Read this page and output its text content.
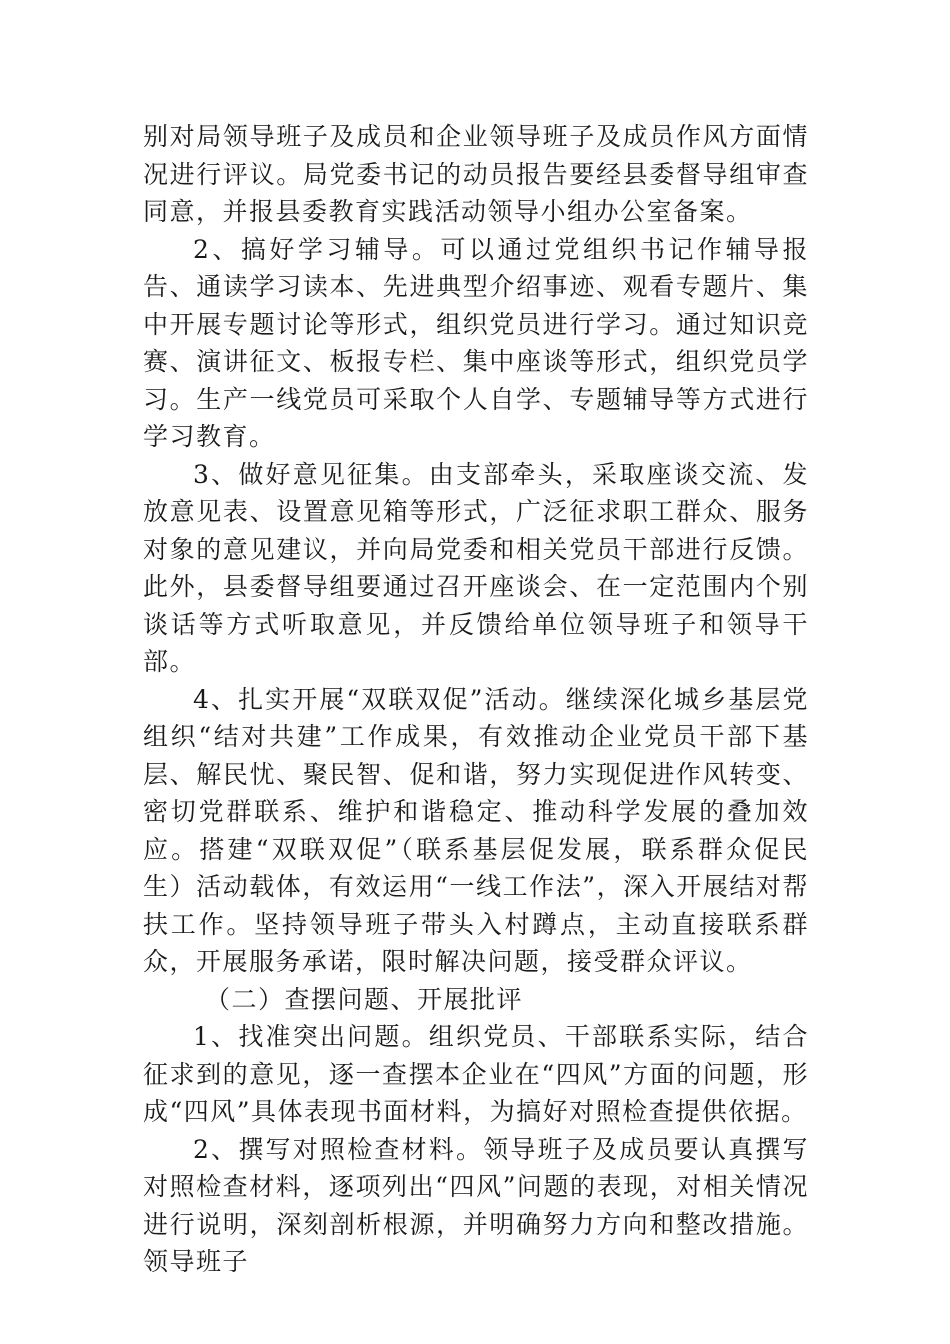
别对局领导班子及成员和企业领导班子及成员作风方面情况进行评议。局党委书记的动员报告要经县委督导组审查同意，并报县委教育实践活动领导小组办公室备案。

2、搞好学习辅导。可以通过党组织书记作辅导报告、通读学习读本、先进典型介绍事迹、观看专题片、集中开展专题讨论等形式，组织党员进行学习。通过知识竞赛、演讲征文、板报专栏、集中座谈等形式，组织党员学习。生产一线党员可采取个人自学、专题辅导等方式进行学习教育。

3、做好意见征集。由支部牵头，采取座谈交流、发放意见表、设置意见箱等形式，广泛征求职工群众、服务对象的意见建议，并向局党委和相关党员干部进行反馈。此外，县委督导组要通过召开座谈会、在一定范围内个别谈话等方式听取意见，并反馈给单位领导班子和领导干部。

4、扎实开展“双联双促”活动。继续深化城乡基层党组织“结对共建”工作成果，有效推动企业党员干部下基层、解民忧、聚民智、促和谐，努力实现促进作风转变、密切党群联系、维护和谐稳定、推动科学发展的叠加效应。搭建“双联双促”（联系基层促发展，联系群众促民生）活动载体，有效运用“一线工作法”，深入开展结对帮扶工作。坚持领导班子带头入村蹲点，主动直接联系群众，开展服务承诺，限时解决问题，接受群众评议。

（二）查摆问题、开展批评

1、找准突出问题。组织党员、干部联系实际，结合征求到的意见，逐一查摆本企业在“四风”方面的问题，形成“四风”具体表现书面材料，为搞好对照检查提供依据。

2、撰写对照检查材料。领导班子及成员要认真撰写对照检查材料，逐项列出“四风”问题的表现，对相关情况进行说明，深刻剖析根源，并明确努力方向和整改措施。领导班子
